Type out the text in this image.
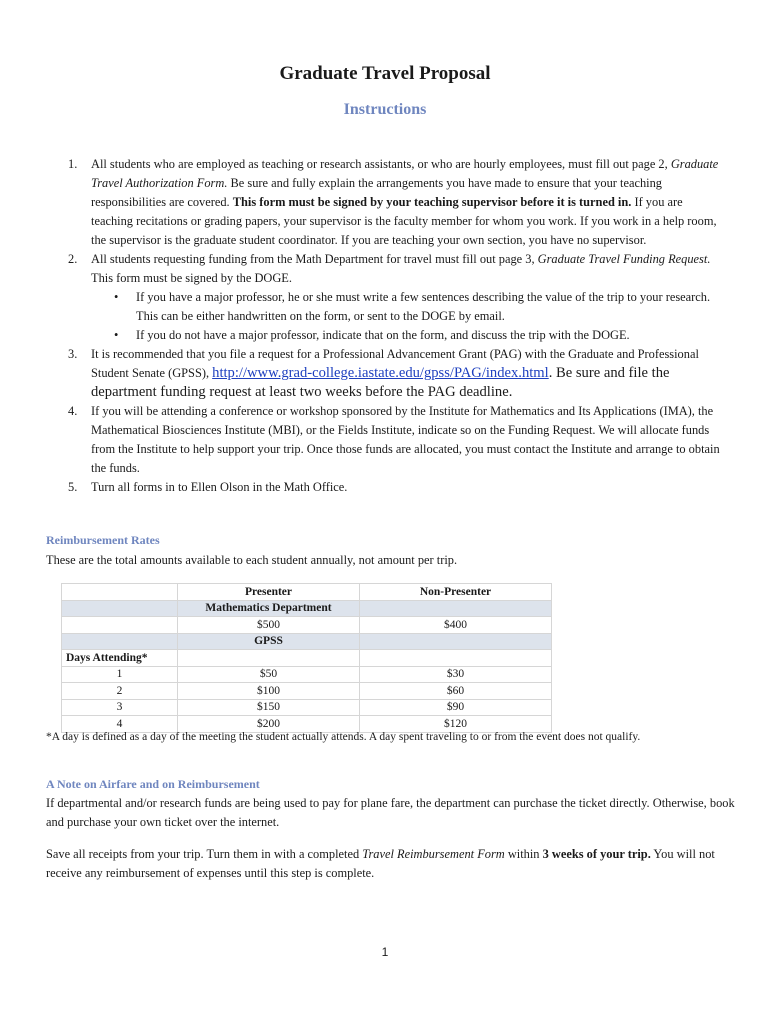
Graduate Travel Proposal
Instructions

1. All students who are employed as teaching or research assistants, or who are hourly employees, must fill out page 2, Graduate Travel Authorization Form. Be sure and fully explain the arrangements you have made to ensure that your teaching responsibilities are covered. This form must be signed by your teaching supervisor before it is turned in. If you are teaching recitations or grading papers, your supervisor is the faculty member for whom you work. If you work in a help room, the supervisor is the graduate student coordinator. If you are teaching your own section, you have no supervisor.

2. All students requesting funding from the Math Department for travel must fill out page 3, Graduate Travel Funding Request. This form must be signed by the DOGE.

• If you have a major professor, he or she must write a few sentences describing the value of the trip to your research. This can be either handwritten on the form, or sent to the DOGE by email.

• If you do not have a major professor, indicate that on the form, and discuss the trip with the DOGE.

3. It is recommended that you file a request for a Professional Advancement Grant (PAG) with the Graduate and Professional Student Senate (GPSS), http://www.grad-college.iastate.edu/gpss/PAG/index.html. Be sure and file the department funding request at least two weeks before the PAG deadline.

4. If you will be attending a conference or workshop sponsored by the Institute for Mathematics and Its Applications (IMA), the Mathematical Biosciences Institute (MBI), or the Fields Institute, indicate so on the Funding Request. We will allocate funds from the Institute to help support your trip. Once those funds are allocated, you must contact the Institute and arrange to obtain the funds.

5. Turn all forms in to Ellen Olson in the Math Office.

Reimbursement Rates
These are the total amounts available to each student annually, not amount per trip.
	Presenter	Non-Presenter
	Mathematics Department	
	$500	$400
	GPSS	
Days Attending*		
1	$50	$30
2	$100	$60
3	$150	$90
4	$200	$120
*A day is defined as a day of the meeting the student actually attends. A day spent traveling to or from the event does not qualify.
A Note on Airfare and on Reimbursement
If departmental and/or research funds are being used to pay for plane fare, the department can purchase the ticket directly. Otherwise, book and purchase your own ticket over the internet.
Save all receipts from your trip. Turn them in with a completed Travel Reimbursement Form within 3 weeks of your trip. You will not receive any reimbursement of expenses until this step is complete.
1
